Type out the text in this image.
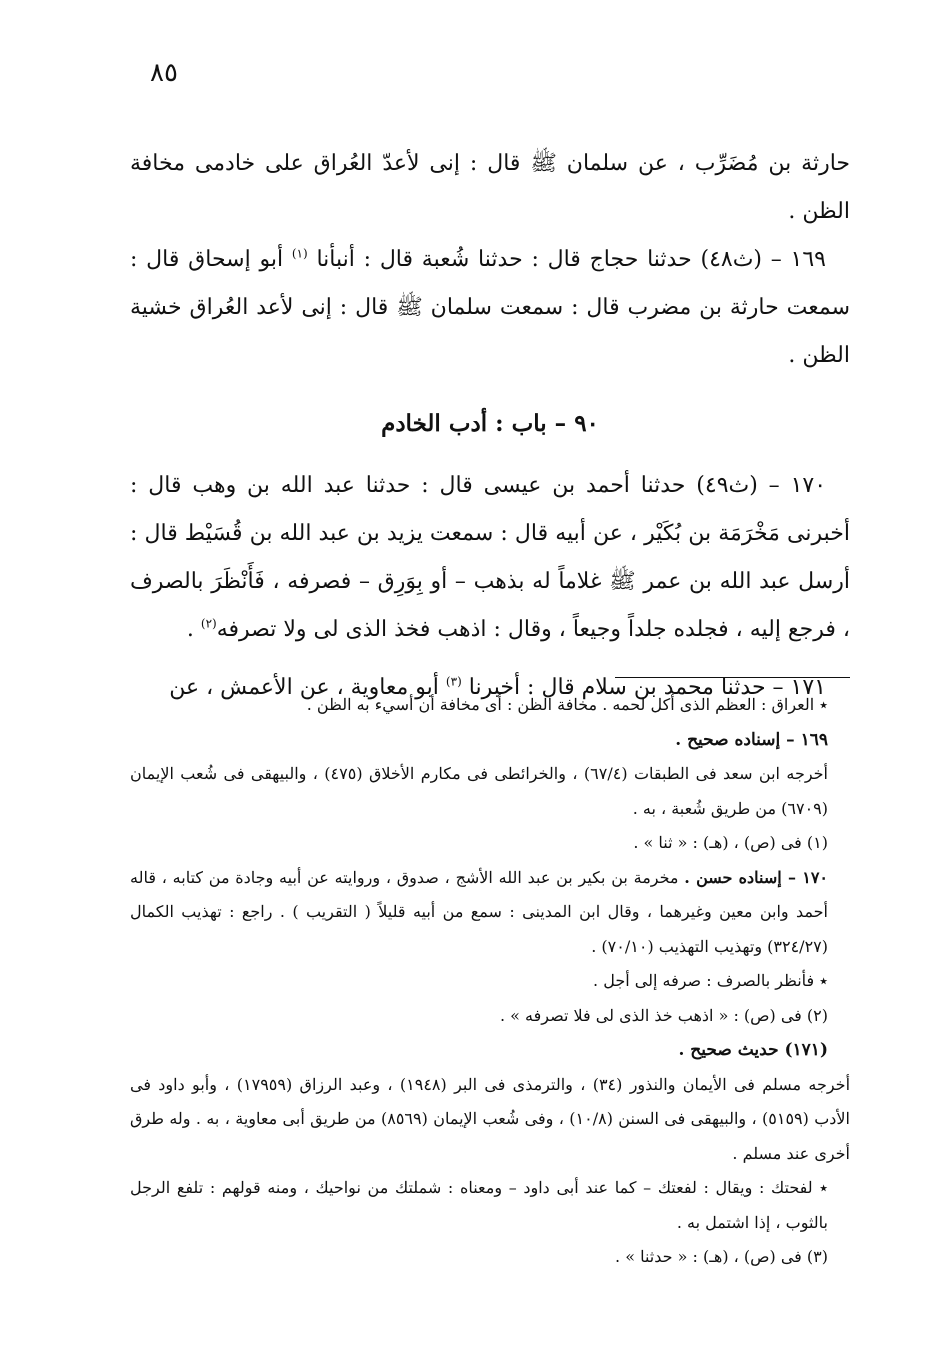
٨٥

حارثة بن مُضَرِّب ، عن سلمان ﷺ قال : إنى لأعدّ العُراق على خادمى مخافة الظن .

١٦٩ – (ث٤٨) حدثنا حجاج قال : حدثنا شُعبة قال : أنبأنا $^{(١)}$ أبو إسحاق قال : سمعت حارثة بن مضرب قال : سمعت سلمان ﷺ قال : إنى لأعد العُراق خشية الظن .

٩٠ – باب : أدب الخادم

١٧٠ – (ث٤٩) حدثنا أحمد بن عيسى قال : حدثنا عبد الله بن وهب قال : أخبرنى مَخْرَمَة بن بُكَيْر ، عن أبيه قال : سمعت يزيد بن عبد الله بن قُسَيْط قال : أرسل عبد الله بن عمر ﷺ غلاماً له بذهب – أو بِوَرِق – فصرفه ، فَأَنْظَرَ بالصرف ، فرجع إليه ، فجلده جلداً وجيعاً ، وقال : اذهب فخذ الذى لى ولا تصرفه$^{(٢)}$ .

١٧١ – حدثنا محمد بن سلام قال : أخبرنا $^{(٣)}$ أبو معاوية ، عن الأعمش ، عن

٭ العراق : العظم الذى أكل لحمه . مخافة الظن : أى مخافة أن أسيء به الظن .

١٦٩ – إسناده صحيح .

أخرجه ابن سعد فى الطبقات (٦٧/٤) ، والخرائطى فى مكارم الأخلاق (٤٧٥) ، والبيهقى فى شُعب الإيمان (٦٧٠٩) من طريق شُعبة ، به .

(١) فى (ص) ، (هـ) : « ثنا » .

١٧٠ – إسناده حسن . مخرمة بن بكير بن عبد الله الأشج ، صدوق ، وروايته عن أبيه وجادة من كتابه ، قاله أحمد وابن معين وغيرهما ، وقال ابن المدينى : سمع من أبيه قليلاً ( التقريب ) . راجع : تهذيب الكمال (٣٢٤/٢٧) وتهذيب التهذيب (٧٠/١٠) .

٭ فأنظر بالصرف : صرفه إلى أجل .

(٢) فى (ص) : « اذهب خذ الذى لى فلا تصرفه » .

(١٧١) حديث صحيح .

أخرجه مسلم فى الأيمان والنذور (٣٤) ، والترمذى فى البر (١٩٤٨) ، وعبد الرزاق (١٧٩٥٩) ، وأبو داود فى الأدب (٥١٥٩) ، والبيهقى فى السنن (١٠/٨) ، وفى شُعب الإيمان (٨٥٦٩) من طريق أبى معاوية ، به . وله طرق أخرى عند مسلم .

٭ لفحتك : ويقال : لفعتك – كما عند أبى داود – ومعناه : شملتك من نواحيك ، ومنه قولهم : تلفع الرجل بالثوب ، إذا اشتمل به .

(٣) فى (ص) ، (هـ) : « حدثنا » .
